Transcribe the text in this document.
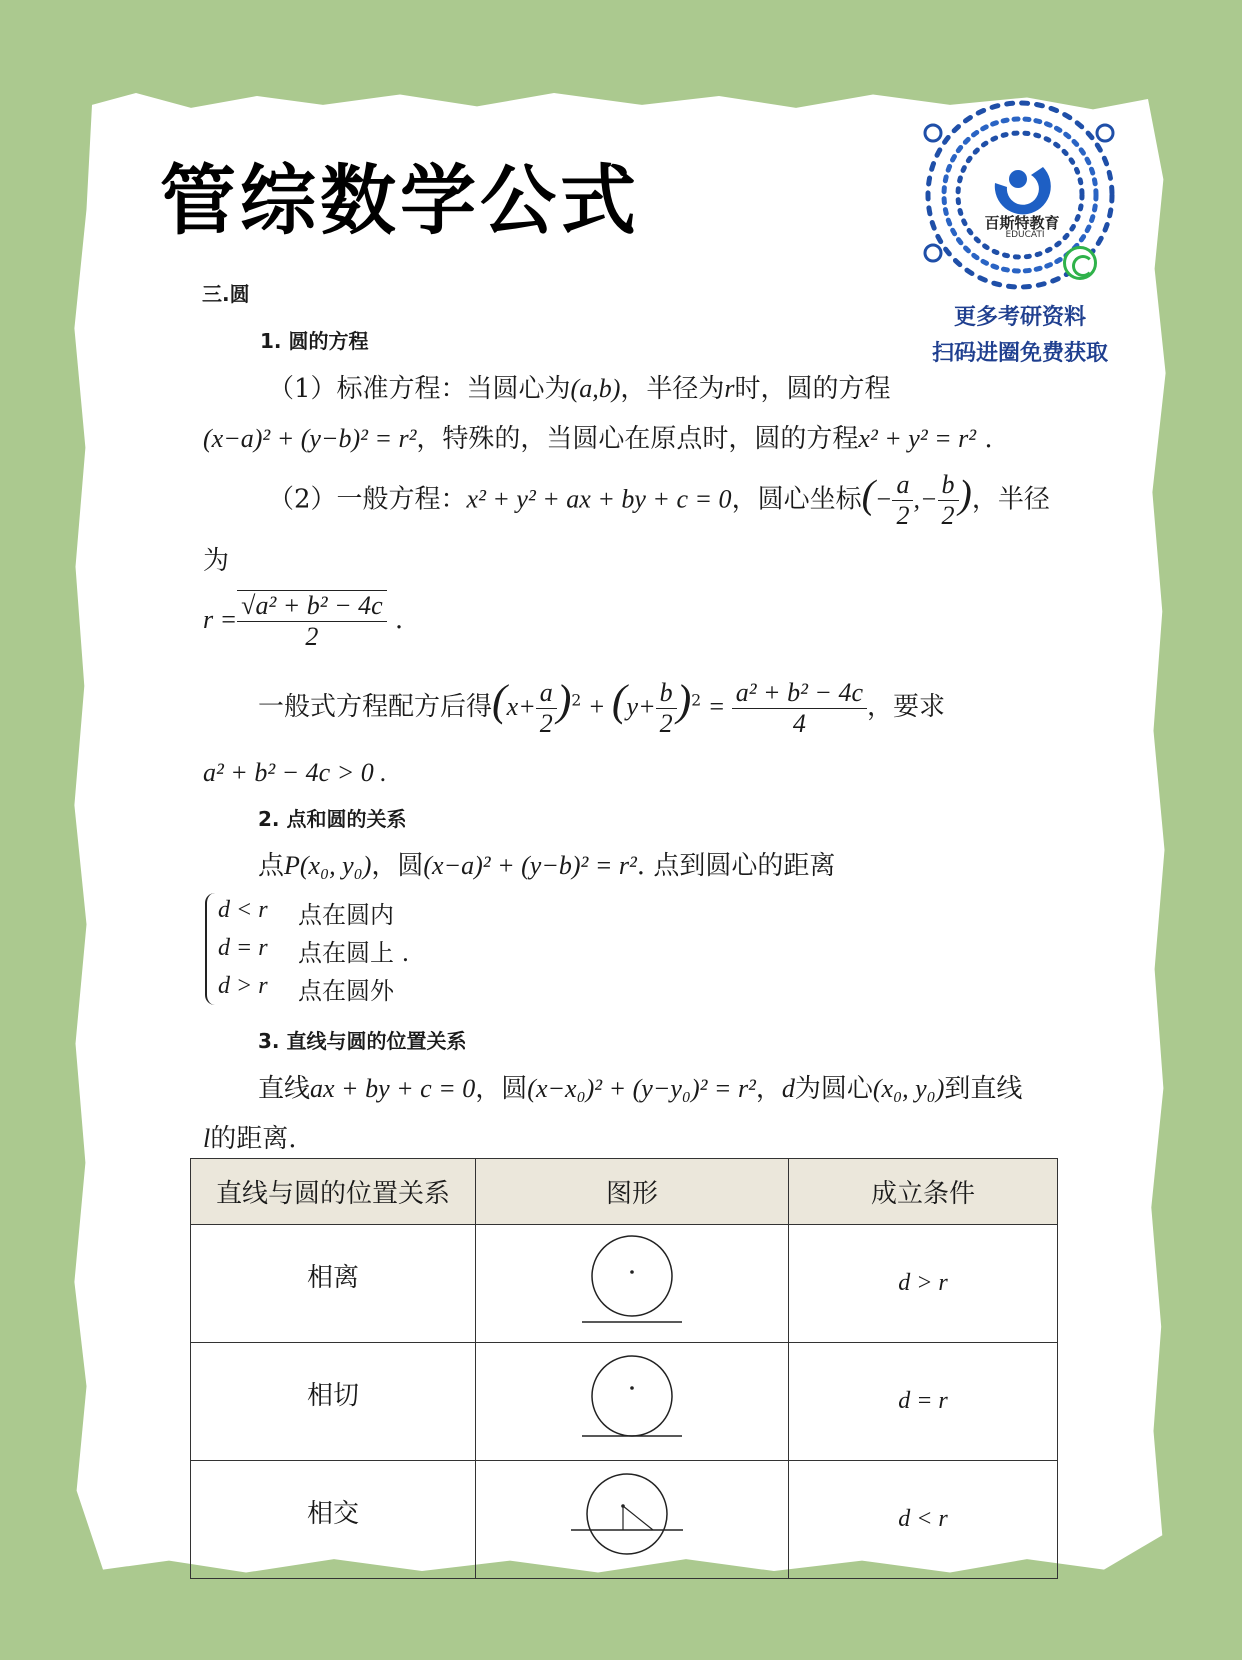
管综数学公式	百斯特教育
EDUCATI
更多考研资料
扫码进圈免费获取
三.圆
1. 圆的方程
（1）标准方程：当圆心为(a,b)，半径为r时，圆的方程
(x−a)² + (y−b)² = r²，特殊的，当圆心在原点时，圆的方程x² + y² = r² .
（2）一般方程：x² + y² + ax + by + c = 0，圆心坐标(− $\frac{a}{2}$ ,− $\frac{b}{2}$ )，半径
为
$r = \frac{\text{√a² + b² − 4c}}{2}$ .
一般式方程配方后得$(x+ \frac{a}{2} )^2 + (y+ \frac{b}{2} )^2 = \frac{\text{a² + b² − 4c}}{4}$ ，要求
a² + b² − 4c > 0 .
2. 点和圆的关系
点P(x₀, y₀)，圆(x−a)² + (y−b)² = r². 点到圆心的距离
d < r 点在圆内
d = r 点在圆上 .
d > r 点在圆外
3. 直线与圆的位置关系
直线ax + by + c = 0，圆(x−x₀)² + (y−y₀)² = r²，d为圆心(x₀, y₀)到直线
l的距离.
直线与圆的位置关系	图形	成立条件
相离		d > r
相切		d = r
相交		d < r
